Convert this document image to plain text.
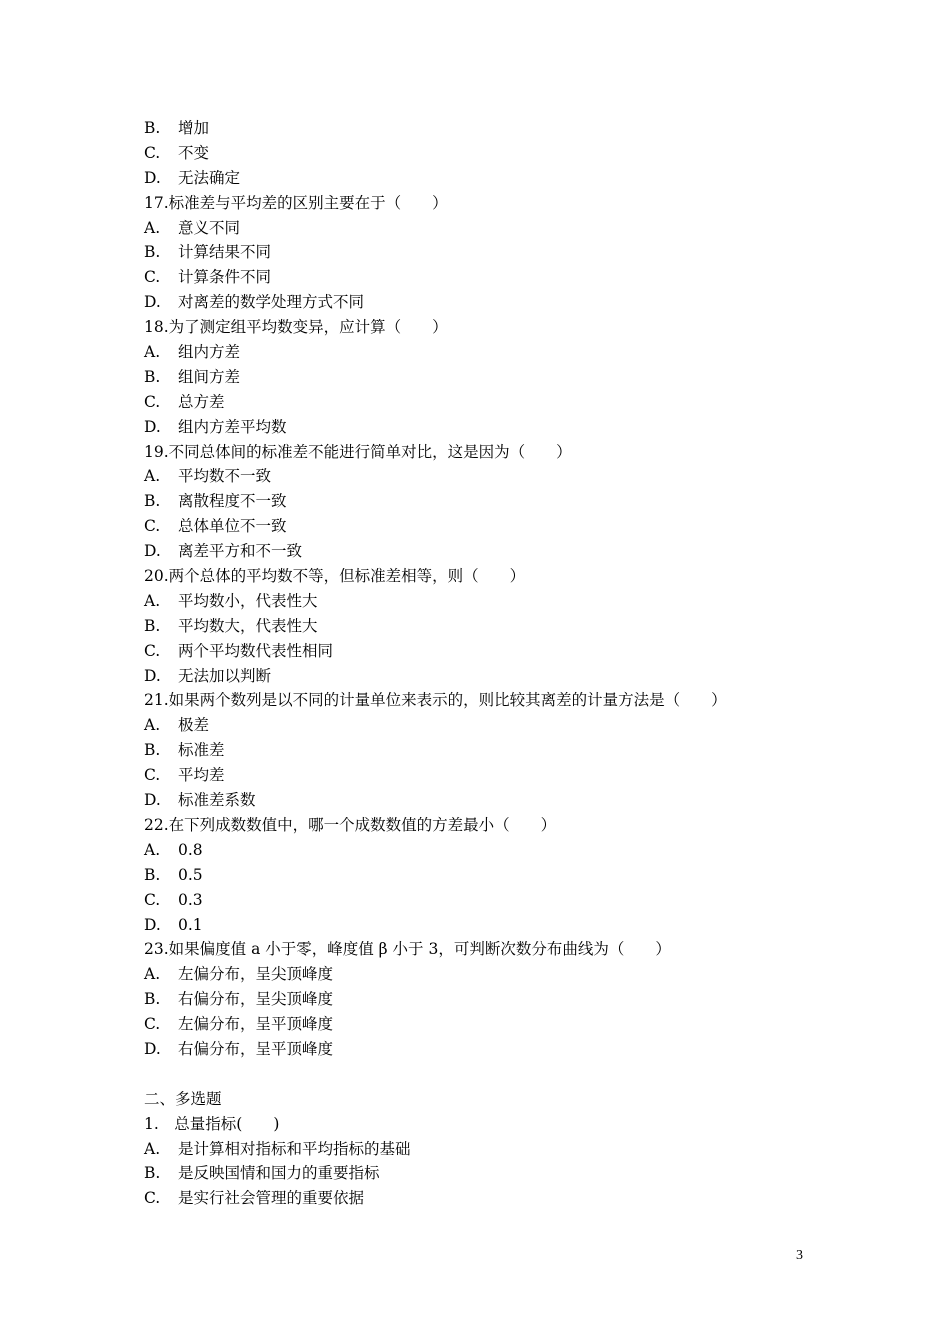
B. 增加
C. 不变
D. 无法确定
17.标准差与平均差的区别主要在于（　　）
A. 意义不同
B. 计算结果不同
C. 计算条件不同
D. 对离差的数学处理方式不同
18.为了测定组平均数变异，应计算（　　）
A. 组内方差
B. 组间方差
C. 总方差
D. 组内方差平均数
19.不同总体间的标准差不能进行简单对比，这是因为（　　）
A. 平均数不一致
B. 离散程度不一致
C. 总体单位不一致
D. 离差平方和不一致
20.两个总体的平均数不等，但标准差相等，则（　　）
A. 平均数小，代表性大
B. 平均数大，代表性大
C. 两个平均数代表性相同
D. 无法加以判断
21.如果两个数列是以不同的计量单位来表示的，则比较其离差的计量方法是（　　）
A. 极差
B. 标准差
C. 平均差
D. 标准差系数
22.在下列成数数值中，哪一个成数数值的方差最小（　　）
A. 0.8
B. 0.5
C. 0.3
D. 0.1
23.如果偏度值 a 小于零，峰度值 β 小于 3，可判断次数分布曲线为（　　）
A. 左偏分布，呈尖顶峰度
B. 右偏分布，呈尖顶峰度
C. 左偏分布，呈平顶峰度
D. 右偏分布，呈平顶峰度
二、多选题
1.　总量指标(　　)
A. 是计算相对指标和平均指标的基础
B. 是反映国情和国力的重要指标
C. 是实行社会管理的重要依据
3
